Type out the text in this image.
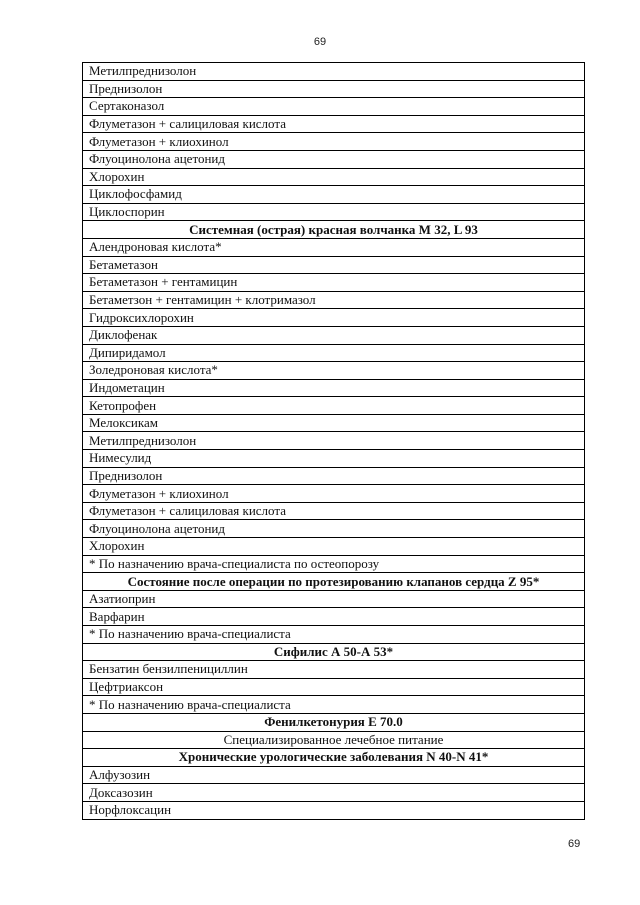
69
Метилпреднизолон
Преднизолон
Сертаконазол
Флуметазон + салициловая кислота
Флуметазон + клиохинол
Флуоцинолона ацетонид
Хлорохин
Циклофосфамид
Циклоспорин
Системная (острая) красная волчанка М 32, L 93
Алендроновая кислота*
Бетаметазон
Бетаметазон + гентамицин
Бетаметзон + гентамицин + клотримазол
Гидроксихлорохин
Диклофенак
Дипиридамол
Золедроновая кислота*
Индометацин
Кетопрофен
Мелоксикам
Метилпреднизолон
Нимесулид
Преднизолон
Флуметазон + клиохинол
Флуметазон + салициловая кислота
Флуоцинолона ацетонид
Хлорохин
* По назначению врача-специалиста по остеопорозу
Состояние после операции по протезированию клапанов сердца Z 95*
Азатиоприн
Варфарин
* По назначению врача-специалиста
Сифилис А 50-А 53*
Бензатин бензилпенициллин
Цефтриаксон
* По назначению врача-специалиста
Фенилкетонурия Е 70.0
Специализированное лечебное питание
Хронические урологические заболевания N 40-N 41*
Алфузозин
Доксазозин
Норфлоксацин
69
